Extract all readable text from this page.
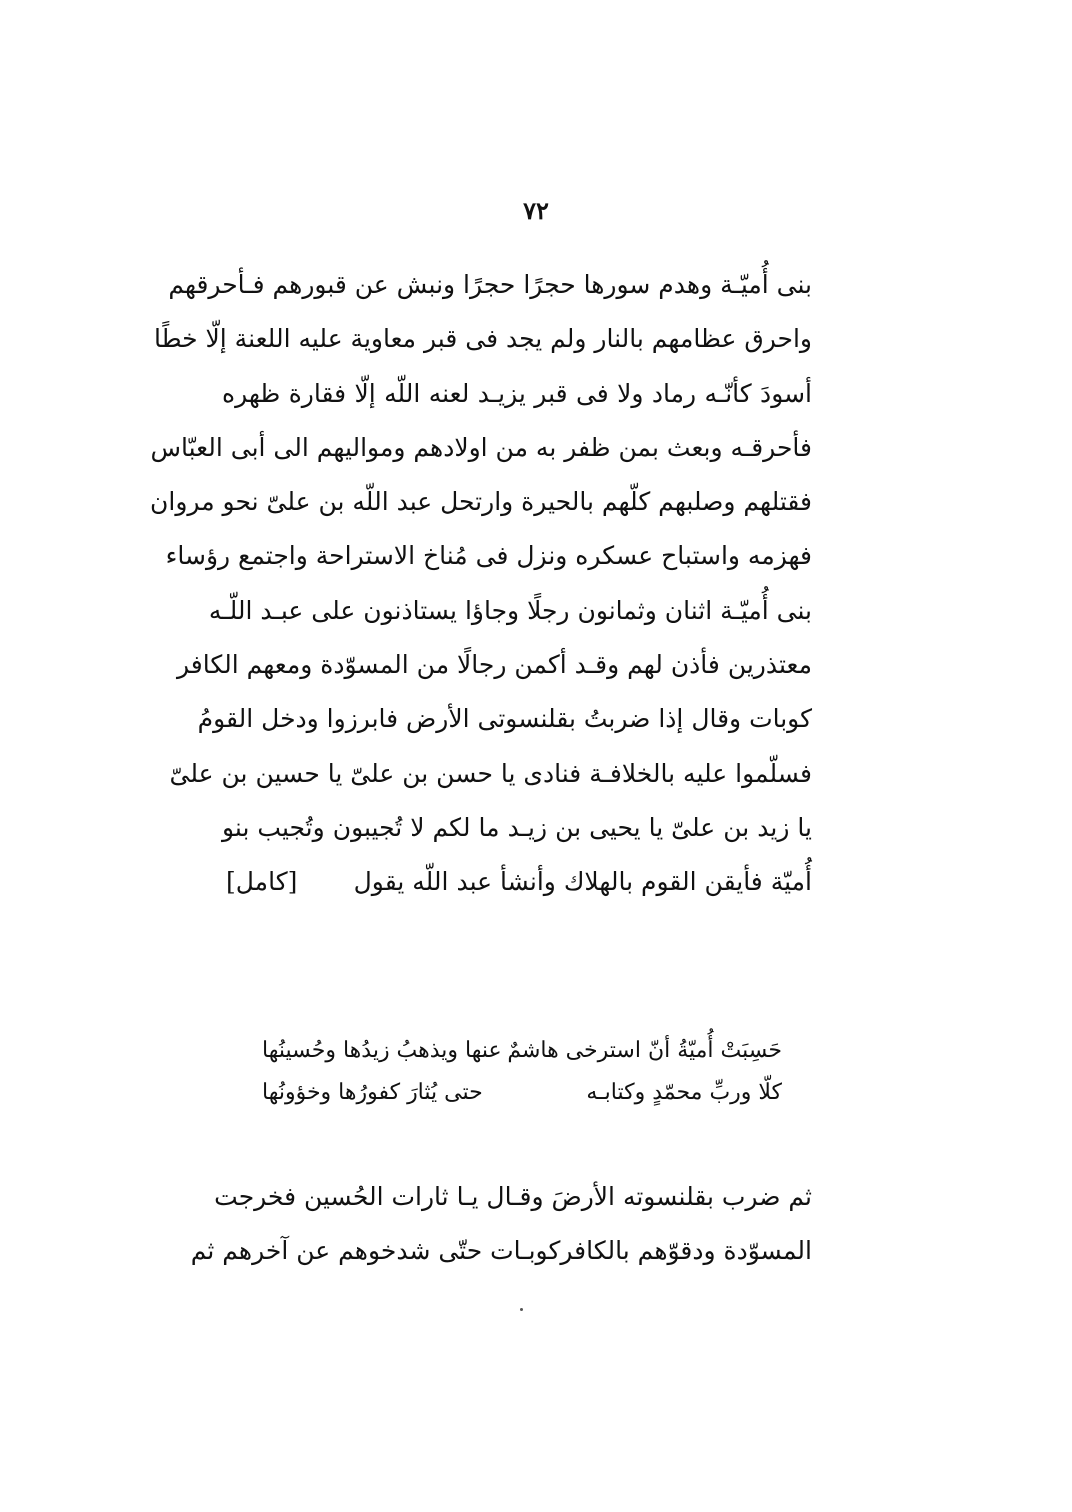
٧٢
بنى أُميّـة وهدم سورها حجرًا حجرًا ونبش عن قبورهم فـأحرقهم
واحرق عظامهم بالنار ولم يجد فى قبر معاوية عليه اللعنة إلّا خطًا
أسودَ كأنّـه رماد ولا فى قبر يزيـد لعنه اللّه إلّا فقارة ظهره
فأحرقـه وبعث بمن ظفر به من اولادهم ومواليهم الى أبى العبّاس
فقتلهم وصلبهم كلّهم بالحيرة وارتحل عبد اللّه بن علىّ نحو مروان
فهزمه واستباح عسكره ونزل فى مُناخ الاستراحة واجتمع رؤساء
بنى أُميّـة اثنان وثمانون رجلًا وجاؤا يستاذنون على عبـد اللّـه
معتذرين فأذن لهم وقـد أكمن رجالًا من المسوّدة ومعهم الكافر
كوبات وقال إذا ضربتُ بقلنسوتى الأرض فابرزوا ودخل القومُ
فسلّموا عليه بالخلافـة فنادى يا حسن بن علىّ يا حسين بن علىّ
يا زيد بن علىّ يا يحيى بن زيـد ما لكم لا تُجيبون وتُجيب بنو
أُميّة فأيقن القوم بالهلاك وأنشأ عبد اللّه يقول
[كامل]
حَسِبَتْ أُميّةُ أنّ استرخى هاشمٌ
عنها ويذهبُ زيدُها وحُسينُها
كلّا وربِّ محمّدٍ وكتابـه
حتى يُثارَ كفورُها وخؤونُها
ثم ضرب بقلنسوته الأرضَ وقـال يـا ثارات الحُسين فخرجت
المسوّدة ودقوّهم بالكافركوبـات حتّى شدخوهم عن آخرهم ثم
